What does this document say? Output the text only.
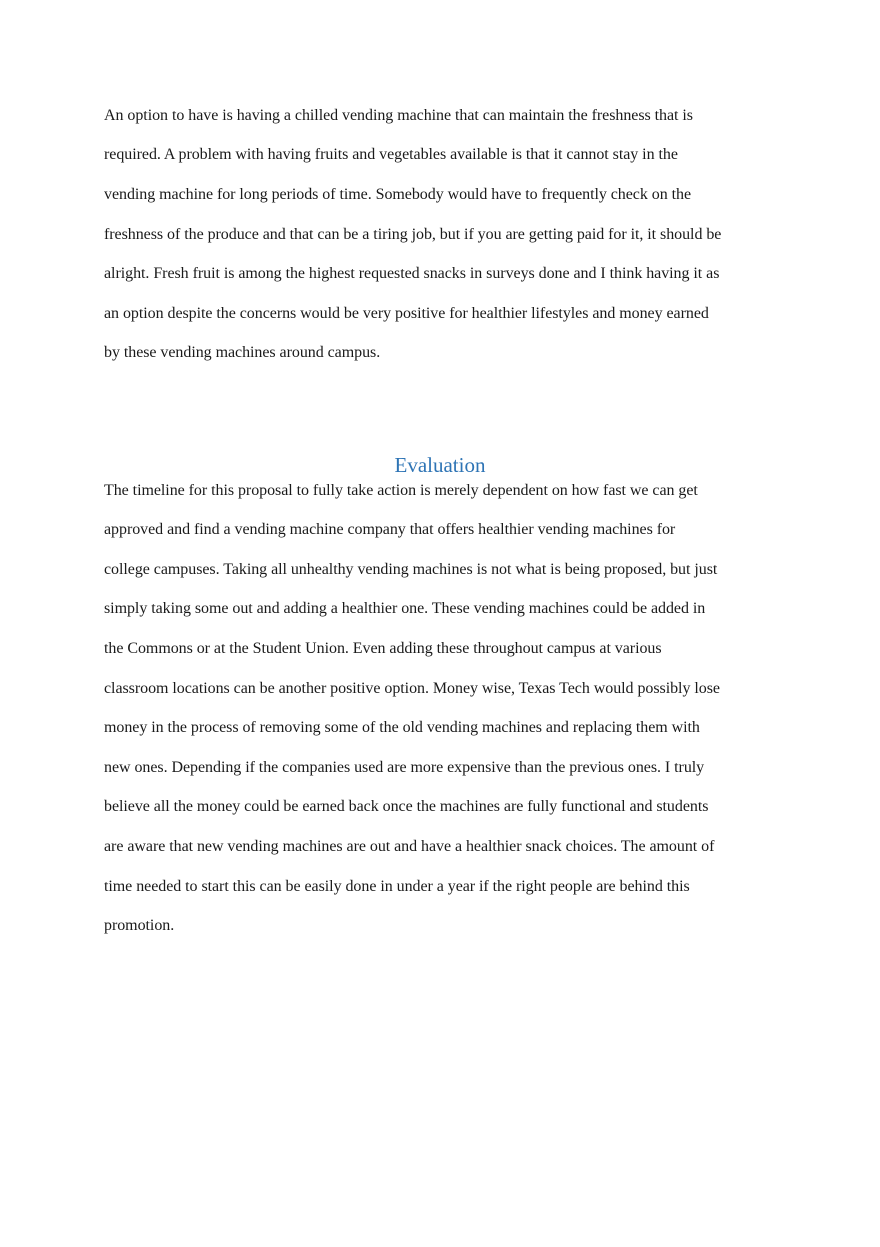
An option to have is having a chilled vending machine that can maintain the freshness that is
required. A problem with having fruits and vegetables available is that it cannot stay in the
vending machine for long periods of time. Somebody would have to frequently check on the
freshness of the produce and that can be a tiring job, but if you are getting paid for it, it should be
alright. Fresh fruit is among the highest requested snacks in surveys done and I think having it as
an option despite the concerns would be very positive for healthier lifestyles and money earned
by these vending machines around campus.
Evaluation
The timeline for this proposal to fully take action is merely dependent on how fast we can get
approved and find a vending machine company that offers healthier vending machines for
college campuses. Taking all unhealthy vending machines is not what is being proposed, but just
simply taking some out and adding a healthier one. These vending machines could be added in
the Commons or at the Student Union. Even adding these throughout campus at various
classroom locations can be another positive option. Money wise, Texas Tech would possibly lose
money in the process of removing some of the old vending machines and replacing them with
new ones. Depending if the companies used are more expensive than the previous ones. I truly
believe all the money could be earned back once the machines are fully functional and students
are aware that new vending machines are out and have a healthier snack choices. The amount of
time needed to start this can be easily done in under a year if the right people are behind this
promotion.
